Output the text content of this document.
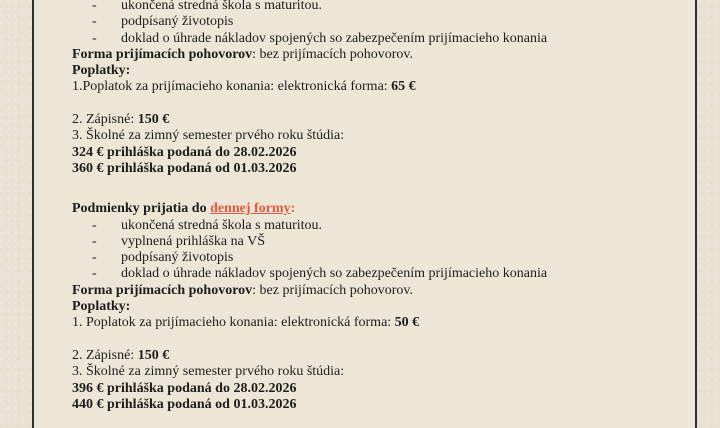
- ukončená stredná škola s maturitou.
- podpísaný životopis
- doklad o úhrade nákladov spojených so zabezpečením prijímacieho konania
Forma prijímacích pohovorov: bez prijímacích pohovorov.
Poplatky:
1.Poplatok za prijímacieho konania: elektronická forma: 65 €
2. Zápisné: 150 €
3. Školné za zimný semester prvého roku štúdia:
324 € prihláška podaná do 28.02.2026
360 € prihláška podaná od 01.03.2026
Podmienky prijatia do dennej formy:
- ukončená stredná škola s maturitou.
- vyplnená prihláška na VŠ
- podpísaný životopis
- doklad o úhrade nákladov spojených so zabezpečením prijímacieho konania
Forma prijímacích pohovorov: bez prijímacích pohovorov.
Poplatky:
1. Poplatok za prijímacieho konania: elektronická forma: 50 €
2. Zápisné: 150 €
3. Školné za zimný semester prvého roku štúdia:
396 € prihláška podaná do 28.02.2026
440 € prihláška podaná od 01.03.2026
